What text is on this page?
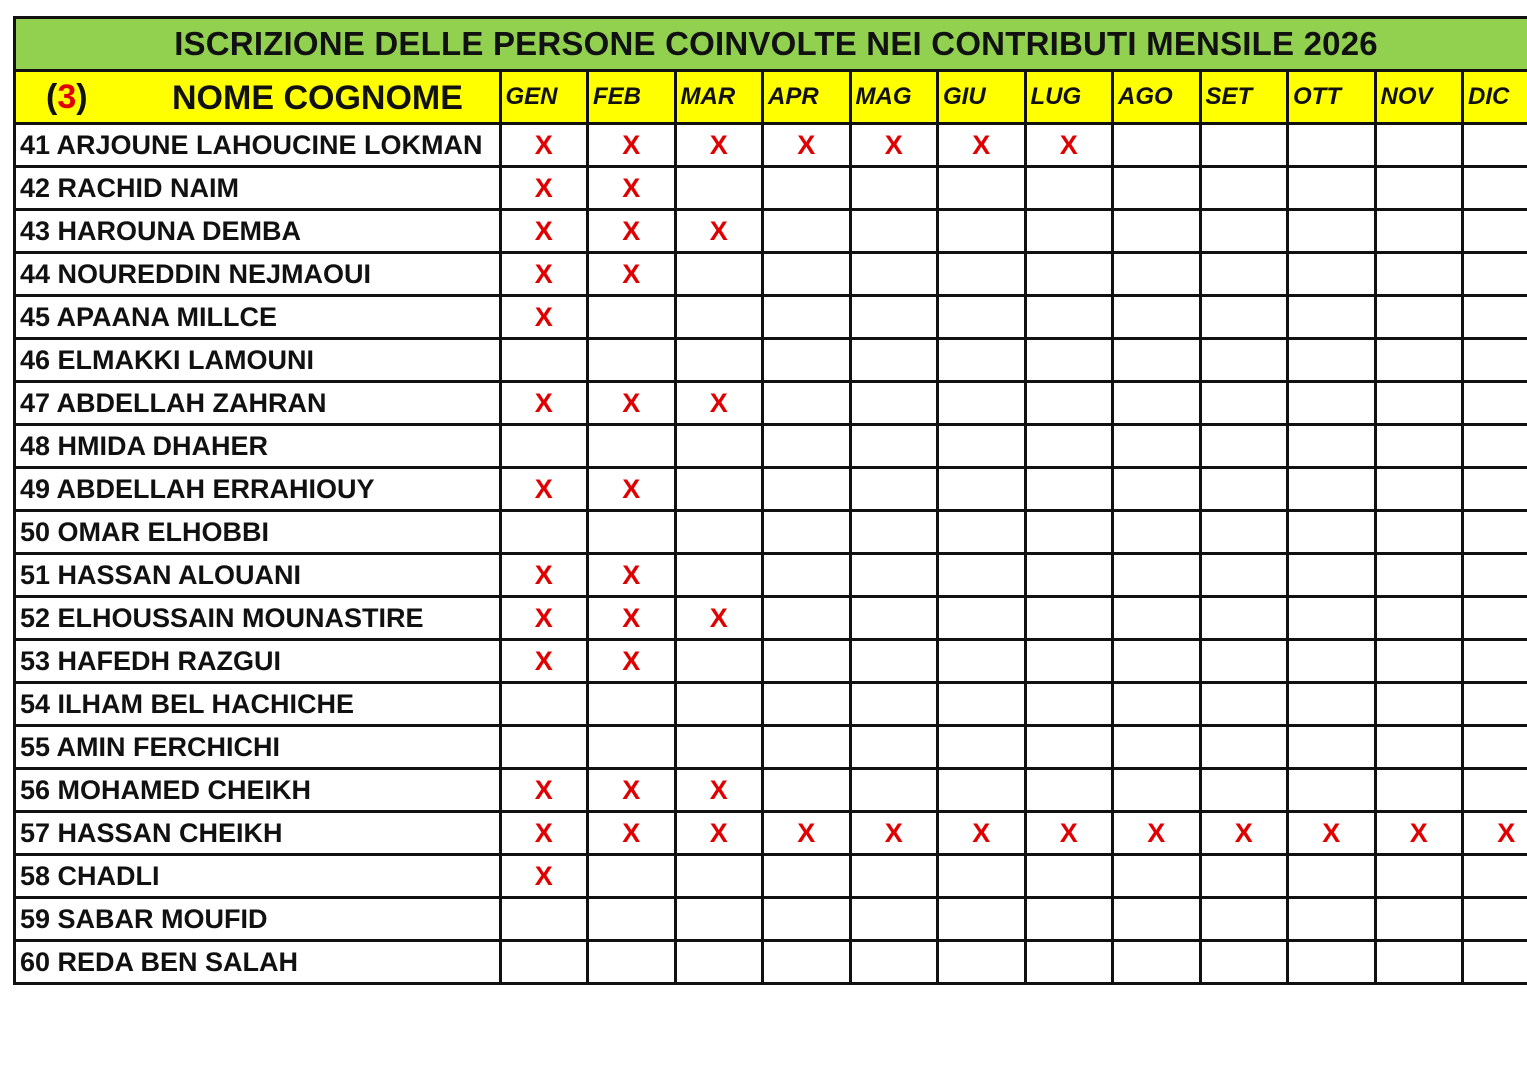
ISCRIZIONE DELLE PERSONE COINVOLTE NEI CONTRIBUTI MENSILE 2026
(3) NOME COGNOME	GEN	FEB	MAR	APR	MAG	GIU	LUG	AGO	SET	OTT	NOV	DIC
41 ARJOUNE LAHOUCINE LOKMAN	X	X	X	X	X	X	X					
42 RACHID NAIM	X	X										
43 HAROUNA DEMBA	X	X	X									
44 NOUREDDIN NEJMAOUI	X	X										
45 APAANA MILLCE	X											
46 ELMAKKI LAMOUNI												
47 ABDELLAH ZAHRAN	X	X	X									
48 HMIDA DHAHER												
49 ABDELLAH ERRAHIOUY	X	X										
50 OMAR ELHOBBI												
51 HASSAN ALOUANI	X	X										
52 ELHOUSSAIN MOUNASTIRE	X	X	X									
53 HAFEDH RAZGUI	X	X										
54 ILHAM BEL HACHICHE												
55 AMIN FERCHICHI												
56 MOHAMED CHEIKH	X	X	X									
57 HASSAN CHEIKH	X	X	X	X	X	X	X	X	X	X	X	X
58 CHADLI	X											
59 SABAR MOUFID												
60 REDA BEN SALAH												
